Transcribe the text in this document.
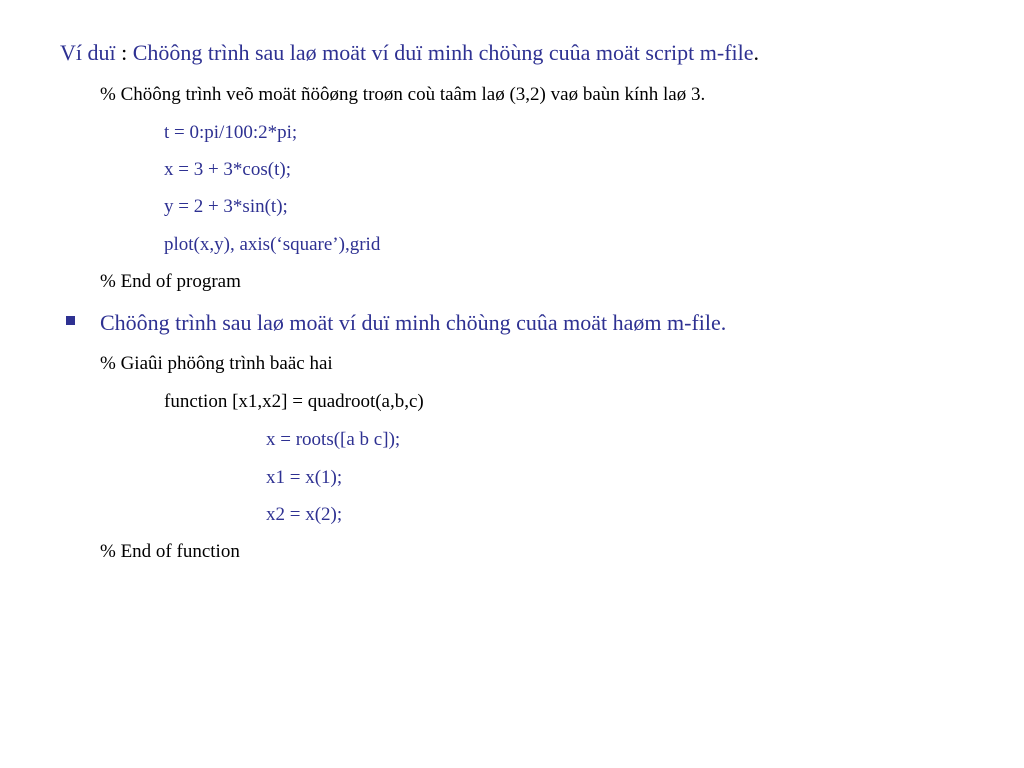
Ví duï : Chöông trình sau laø moät ví duï minh chöùng cuûa moät script m-file.
% Chöông trình veõ moät ñöôøng troøn coù taâm laø (3,2) vaø baùn kính laø 3.
t = 0:pi/100:2*pi;
x = 3 + 3*cos(t);
y = 2 + 3*sin(t);
plot(x,y), axis(‘square’),grid
% End of program
Chöông trình sau laø moät ví duï minh chöùng cuûa moät haøm m-file.
% Giaûi phöông trình baäc hai
function [x1,x2] = quadroot(a,b,c)
x = roots([a b c]);
x1 = x(1);
x2 = x(2);
% End of function
